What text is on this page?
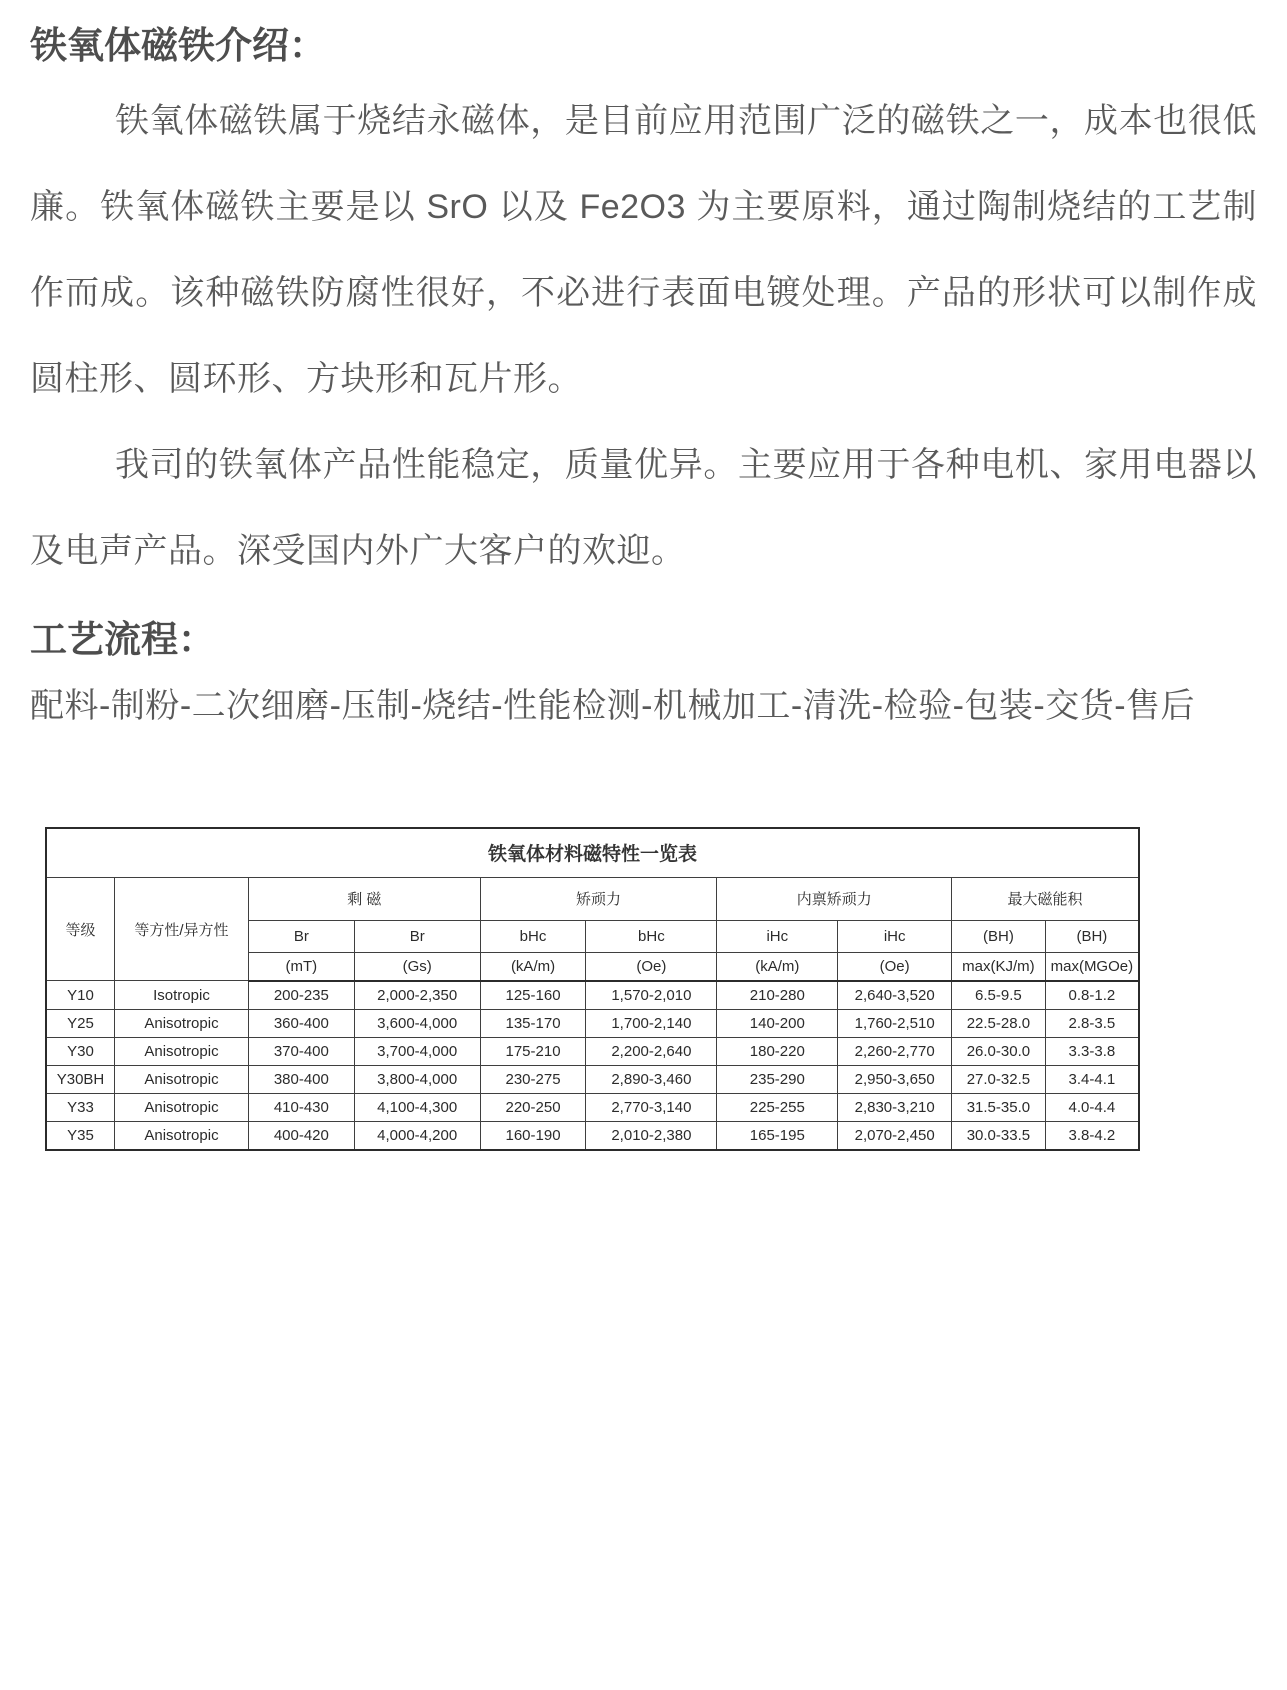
铁氧体磁铁介绍：

铁氧体磁铁属于烧结永磁体，是目前应用范围广泛的磁铁之一，成本也很低廉。铁氧体磁铁主要是以 SrO 以及 Fe2O3 为主要原料，通过陶制烧结的工艺制作而成。该种磁铁防腐性很好，不必进行表面电镀处理。产品的形状可以制作成圆柱形、圆环形、方块形和瓦片形。

我司的铁氧体产品性能稳定，质量优异。主要应用于各种电机、家用电器以及电声产品。深受国内外广大客户的欢迎。

工艺流程：

配料-制粉-二次细磨-压制-烧结-性能检测-机械加工-清洗-检验-包装-交货-售后

铁氧体材料磁特性一览表									
等级	等方性/异方性	剩 磁		矫顽力		内禀矫顽力		最大磁能积	
		Br	Br	bHc	bHc	iHc	iHc	(BH)	(BH)
		(mT)	(Gs)	(kA/m)	(Oe)	(kA/m)	(Oe)	max(KJ/m)	max(MGOe)
Y10	Isotropic	200-235	2,000-2,350	125-160	1,570-2,010	210-280	2,640-3,520	6.5-9.5	0.8-1.2
Y25	Anisotropic	360-400	3,600-4,000	135-170	1,700-2,140	140-200	1,760-2,510	22.5-28.0	2.8-3.5
Y30	Anisotropic	370-400	3,700-4,000	175-210	2,200-2,640	180-220	2,260-2,770	26.0-30.0	3.3-3.8
Y30BH	Anisotropic	380-400	3,800-4,000	230-275	2,890-3,460	235-290	2,950-3,650	27.0-32.5	3.4-4.1
Y33	Anisotropic	410-430	4,100-4,300	220-250	2,770-3,140	225-255	2,830-3,210	31.5-35.0	4.0-4.4
Y35	Anisotropic	400-420	4,000-4,200	160-190	2,010-2,380	165-195	2,070-2,450	30.0-33.5	3.8-4.2
